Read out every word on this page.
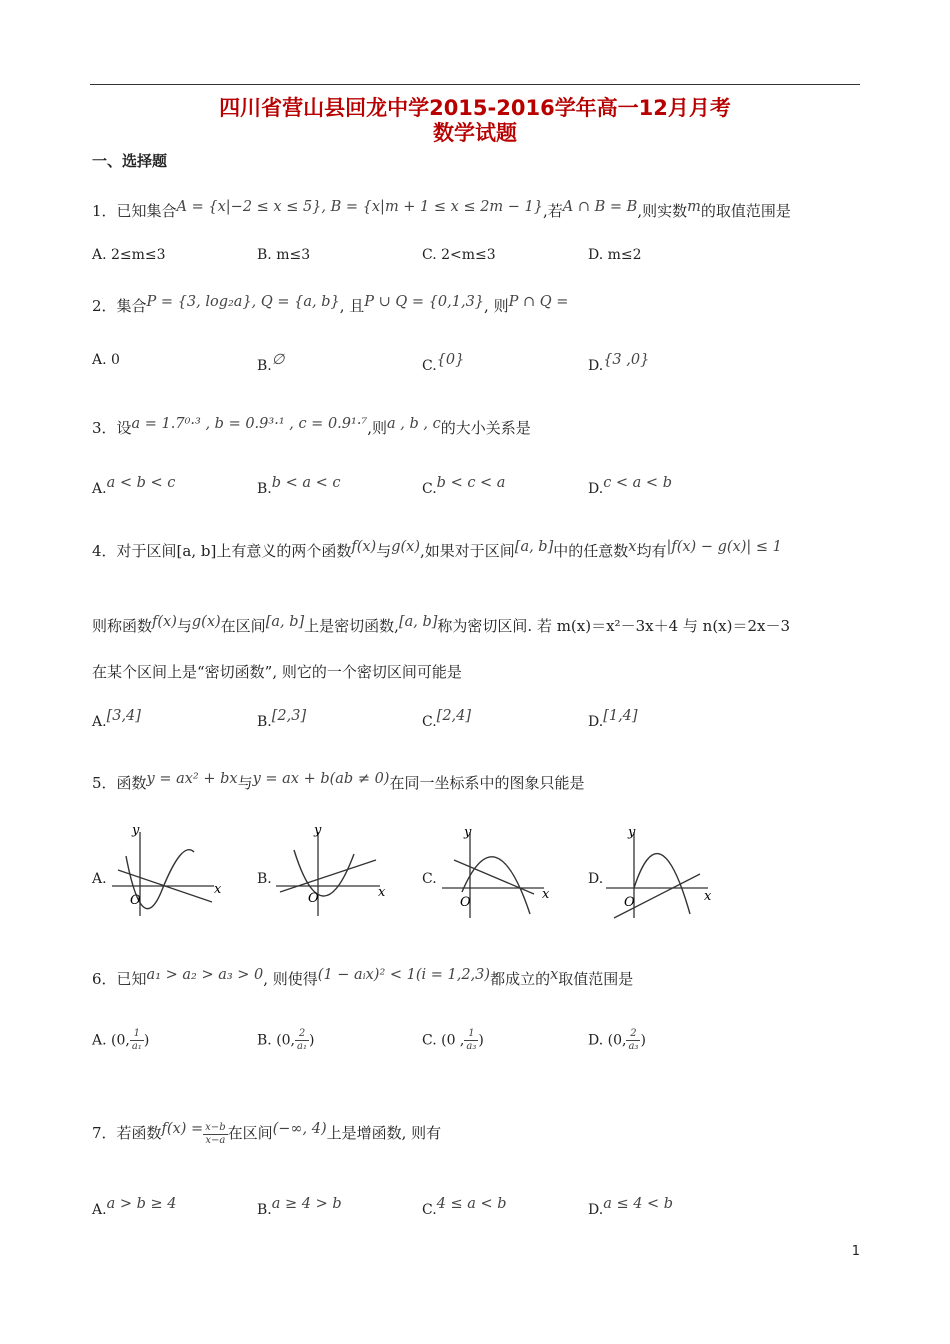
四川省营山县回龙中学2015-2016学年高一12月月考
数学试题
一、选择题
1．已知集合A = {x|−2 ≤ x ≤ 5}, B = {x|m + 1 ≤ x ≤ 2m − 1},若A ∩ B = B,则实数m的取值范围是
A. 2≤m≤3	B. m≤3	C. 2<m≤3	D. m≤2
2．集合P = {3, log₂a}, Q = {a, b}, 且P ∪ Q = {0,1,3}, 则P ∩ Q =
A. 0	B.∅	C.{0}	D.{3 ,0}
3．设a = 1.7⁰·³ , b = 0.9³·¹ , c = 0.9¹·⁷,则a , b , c的大小关系是
A.a < b < c	B.b < a < c	C.b < c < a	D.c < a < b
4．对于区间[a, b]上有意义的两个函数f(x)与g(x),如果对于区间[a, b]中的任意数x均有|f(x) − g(x)| ≤ 1
则称函数f(x)与g(x)在区间[a, b]上是密切函数,[a, b]称为密切区间. 若 m(x)＝x²－3x＋4 与 n(x)＝2x－3
在某个区间上是“密切函数”, 则它的一个密切区间可能是
A.[3,4]	B.[2,3]	C.[2,4]	D.[1,4]
5．函数y = ax² + bx与y = ax + b(ab ≠ 0)在同一坐标系中的图象只能是
A.	B.	C.	D.
y
x
O
y
x
O
y
x
O
y
x
O
6．已知a₁ > a₂ > a₃ > 0, 则使得(1 − aᵢx)² < 1(i = 1,2,3)都成立的x取值范围是
A. (0, $\frac{1}{\text{a₁}}$ )	B. (0, $\frac{2}{\text{a₁}}$ )	C. (0 , $\frac{1}{\text{a₃}}$ )	D. (0, $\frac{2}{\text{a₃}}$ )
7．若函数$f(x) = \frac{x-b}{x-a}$ 在区间(−∞, 4)上是增函数, 则有
A.a > b ≥ 4	B.a ≥ 4 > b	C.4 ≤ a < b	D.a ≤ 4 < b
1
